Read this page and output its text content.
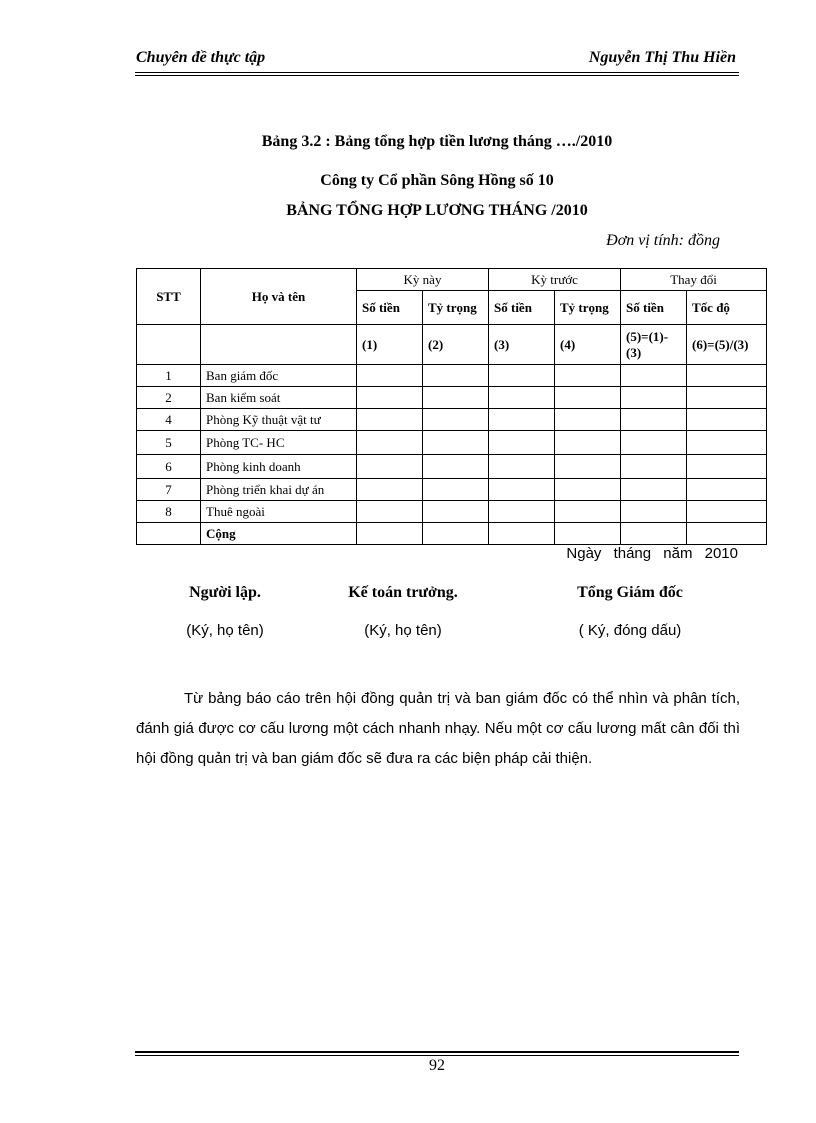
Chuyên đề thực tập	Nguyễn Thị Thu Hiền
Bảng 3.2 : Bảng tổng hợp tiền lương tháng …./2010
Công ty Cổ phần Sông Hồng số 10
BẢNG TỔNG HỢP LƯƠNG THÁNG /2010
Đơn vị tính: đồng
STT	Họ và tên	Kỳ này		Kỳ trước		Thay đổi	
		Số tiền	Tỷ trọng	Số tiền	Tỷ trọng	Số tiền	Tốc độ
		(1)	(2)	(3)	(4)	(5)=(1)-(3)	(6)=(5)/(3)
1	Ban giám đốc						
2	Ban kiểm soát						
4	Phòng Kỹ thuật vật tư						
5	Phòng TC- HC						
6	Phòng kinh doanh						
7	Phòng triển khai dự án						
8	Thuê ngoài						
	Cộng						
Ngày tháng năm 2010
Người lập.	Kế toán trưởng.	Tổng Giám đốc
(Ký, họ tên)	(Ký, họ tên)	( Ký, đóng dấu)

Từ bảng báo cáo trên hội đồng quản trị và ban giám đốc có thể nhìn và phân tích, đánh giá được cơ cấu lương một cách nhanh nhạy. Nếu một cơ cấu lương mất cân đối thì hội đồng quản trị và ban giám đốc sẽ đưa ra các biện pháp cải thiện.

92
